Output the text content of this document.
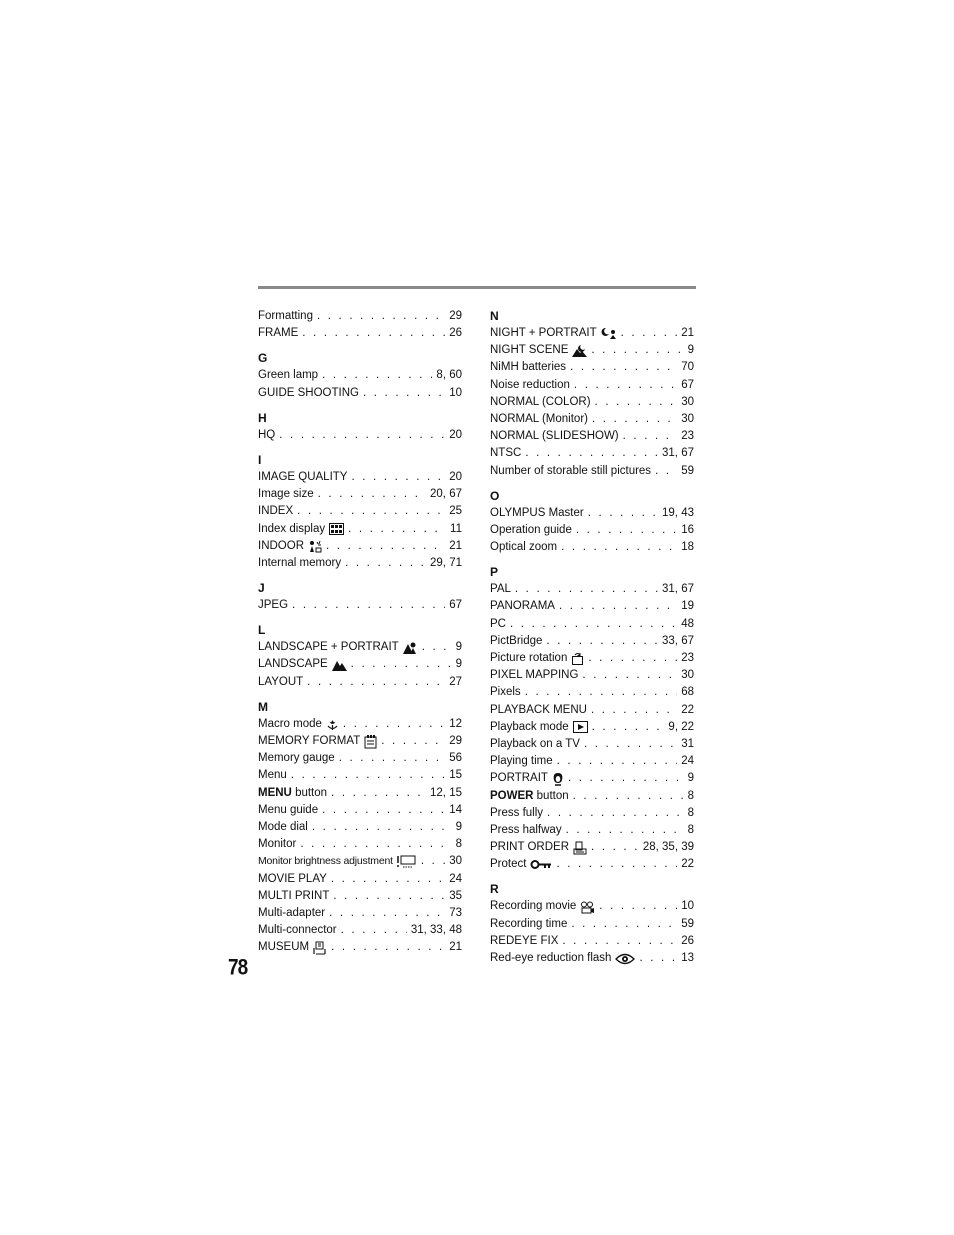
Formatting . . .	29
FRAME . . .	26
G
Green lamp . . .	8, 60
GUIDE SHOOTING . . .	10
H
HQ . . .	20
I
IMAGE QUALITY . . .	20
Image size . . .	20, 67
INDEX . . .	25
Index display . . .	11
INDOOR . . .	21
Internal memory . . .	29, 71
J
JPEG . . .	67
L
LANDSCAPE + PORTRAIT . . .	9
LANDSCAPE . . .	9
LAYOUT . . .	27
M
Macro mode . . .	12
MEMORY FORMAT . . .	29
Memory gauge . . .	56
Menu . . .	15
MENU button . . .	12, 15
Menu guide . . .	14
Mode dial . . .	9
Monitor . . .	8
Monitor brightness adjustment . . .	30
MOVIE PLAY . . .	24
MULTI PRINT . . .	35
Multi-adapter . . .	73
Multi-connector . . .	31, 33, 48
MUSEUM . . .	21
N
NIGHT + PORTRAIT . . .	21
NIGHT SCENE . . .	9
NiMH batteries . . .	70
Noise reduction . . .	67
NORMAL (COLOR) . . .	30
NORMAL (Monitor) . . .	30
NORMAL (SLIDESHOW) . . .	23
NTSC . . .	31, 67
Number of storable still pictures . . .	59
O
OLYMPUS Master . . .	19, 43
Operation guide . . .	16
Optical zoom . . .	18
P
PAL . . .	31, 67
PANORAMA . . .	19
PC . . .	48
PictBridge . . .	33, 67
Picture rotation . . .	23
PIXEL MAPPING . . .	30
Pixels . . .	68
PLAYBACK MENU . . .	22
Playback mode . . .	9, 22
Playback on a TV . . .	31
Playing time . . .	24
PORTRAIT . . .	9
POWER button . . .	8
Press fully . . .	8
Press halfway . . .	8
PRINT ORDER . . .	28, 35, 39
Protect . . .	22
R
Recording movie . . .	10
Recording time . . .	59
REDEYE FIX . . .	26
Red-eye reduction flash . . .	13
78
